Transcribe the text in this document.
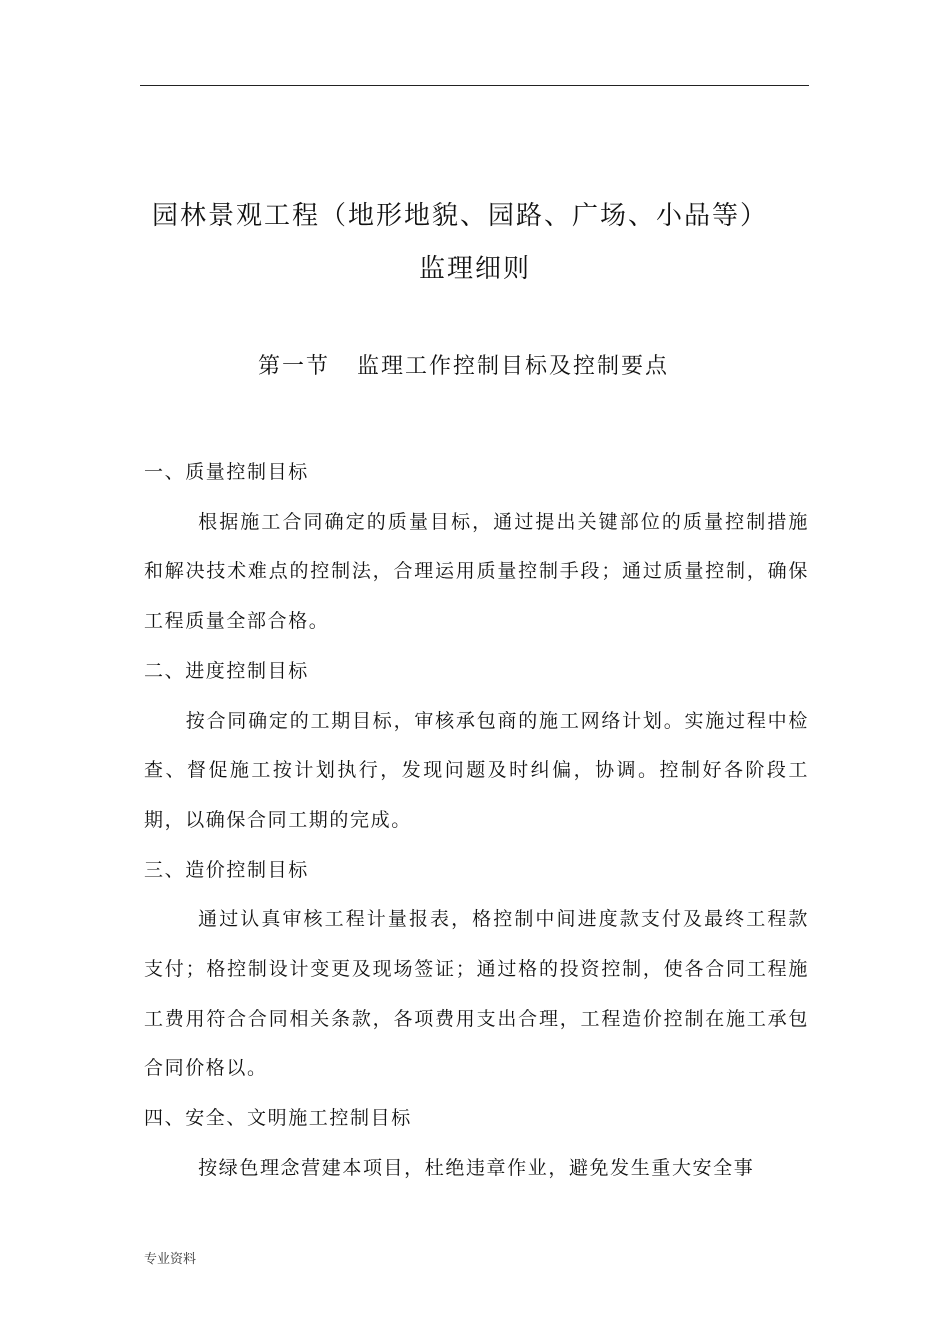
园林景观工程（地形地貌、园路、广场、小品等）
监理细则
第一节   监理工作控制目标及控制要点

一、质量控制目标

根据施工合同确定的质量目标，通过提出关键部位的质量控制措施和解决技术难点的控制法，合理运用质量控制手段；通过质量控制，确保工程质量全部合格。

二、进度控制目标

按合同确定的工期目标，审核承包商的施工网络计划。实施过程中检查、督促施工按计划执行，发现问题及时纠偏，协调。控制好各阶段工期，以确保合同工期的完成。

三、造价控制目标

通过认真审核工程计量报表，格控制中间进度款支付及最终工程款支付；格控制设计变更及现场签证；通过格的投资控制，使各合同工程施工费用符合合同相关条款，各项费用支出合理，工程造价控制在施工承包合同价格以。

四、安全、文明施工控制目标

按绿色理念营建本项目，杜绝违章作业，避免发生重大安全事

专业资料
